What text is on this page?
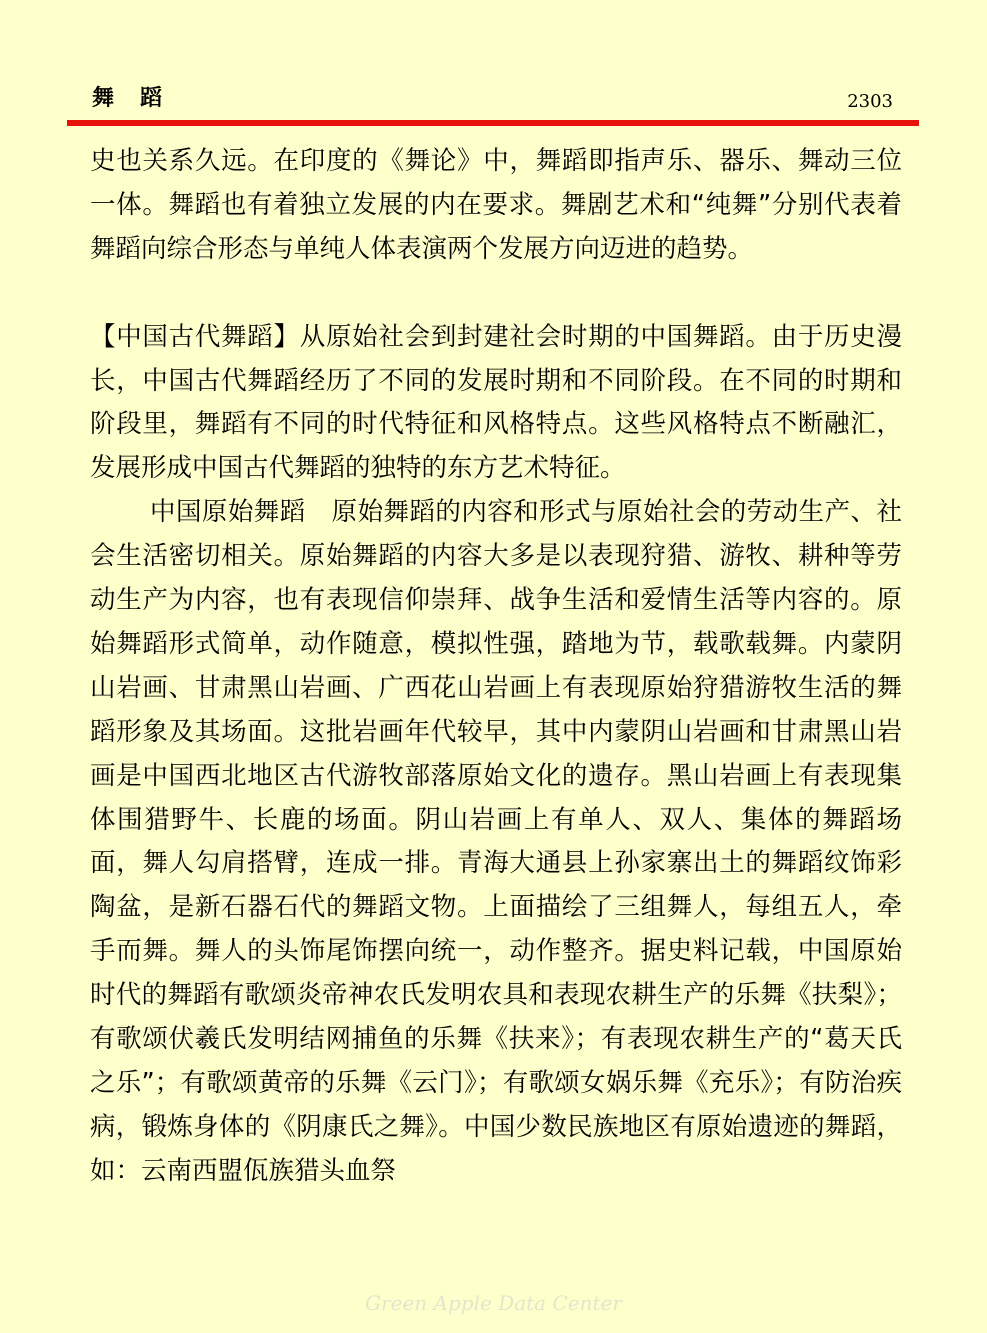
舞　蹈	2303

史也关系久远。在印度的《舞论》中，舞蹈即指声乐、器乐、舞动三位一体。舞蹈也有着独立发展的内在要求。舞剧艺术和“纯舞”分别代表着舞蹈向综合形态与单纯人体表演两个发展方向迈进的趋势。

【中国古代舞蹈】从原始社会到封建社会时期的中国舞蹈。由于历史漫长，中国古代舞蹈经历了不同的发展时期和不同阶段。在不同的时期和阶段里，舞蹈有不同的时代特征和风格特点。这些风格特点不断融汇，发展形成中国古代舞蹈的独特的东方艺术特征。

中国原始舞蹈　 原始舞蹈的内容和形式与原始社会的劳动生产、社会生活密切相关。原始舞蹈的内容大多是以表现狩猎、游牧、耕种等劳动生产为内容，也有表现信仰崇拜、战争生活和爱情生活等内容的。原始舞蹈形式简单，动作随意，模拟性强，踏地为节，载歌载舞。内蒙阴山岩画、甘肃黑山岩画、广西花山岩画上有表现原始狩猎游牧生活的舞蹈形象及其场面。这批岩画年代较早，其中内蒙阴山岩画和甘肃黑山岩画是中国西北地区古代游牧部落原始文化的遗存。黑山岩画上有表现集体围猎野牛、长鹿的场面。阴山岩画上有单人、双人、集体的舞蹈场面，舞人勾肩搭臂，连成一排。青海大通县上孙家寨出土的舞蹈纹饰彩陶盆，是新石器石代的舞蹈文物。上面描绘了三组舞人，每组五人，牵手而舞。舞人的头饰尾饰摆向统一，动作整齐。据史料记载，中国原始时代的舞蹈有歌颂炎帝神农氏发明农具和表现农耕生产的乐舞《扶梨》；有歌颂伏羲氏发明结网捕鱼的乐舞《扶来》；有表现农耕生产的“葛天氏之乐”；有歌颂黄帝的乐舞《云门》；有歌颂女娲乐舞《充乐》；有防治疾病，锻炼身体的《阴康氏之舞》。中国少数民族地区有原始遗迹的舞蹈，如：云南西盟佤族猎头血祭

Green Apple Data Center
